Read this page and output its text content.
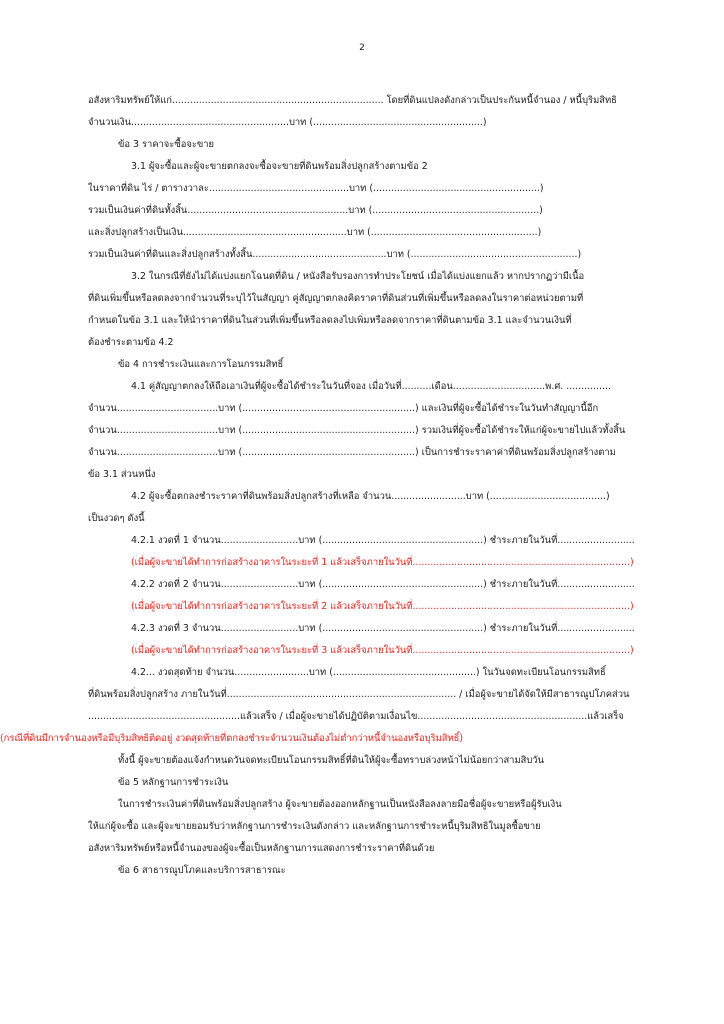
2
อสังหาริมทรัพย์ให้แก่....................................................................... โดยที่ดินแปลงดังกล่าวเป็นประกันหนี้จำนอง / หนี้บุริมสิทธิ
จำนวนเงิน.....................................................บาท (.........................................................)
ข้อ 3 ราคาจะซื้อจะขาย
3.1 ผู้จะซื้อและผู้จะขายตกลงจะซื้อจะขายที่ดินพร้อมสิ่งปลูกสร้างตามข้อ 2
ในราคาที่ดิน ไร่ / ตารางวาละ...............................................บาท (........................................................)
รวมเป็นเงินค่าที่ดินทั้งสิ้น......................................................บาท (........................................................)
และสิ่งปลูกสร้างเป็นเงิน.......................................................บาท (........................................................)
รวมเป็นเงินค่าที่ดินและสิ่งปลูกสร้างทั้งสิ้น.............................................บาท (........................................................)
3.2 ในกรณีที่ยังไม่ได้แบ่งแยกโฉนดที่ดิน / หนังสือรับรองการทำประโยชน์ เมื่อได้แบ่งแยกแล้ว หากปรากฏว่ามีเนื้อ
ที่ดินเพิ่มขึ้นหรือลดลงจากจำนวนที่ระบุไว้ในสัญญา คู่สัญญาตกลงคิดราคาที่ดินส่วนที่เพิ่มขึ้นหรือลดลงในราคาต่อหน่วยตามที่
กำหนดในข้อ 3.1 และให้นำราคาที่ดินในส่วนที่เพิ่มขึ้นหรือลดลงไปเพิ่มหรือลดจากราคาที่ดินตามข้อ 3.1 และจำนวนเงินที่
ต้องชำระตามข้อ 4.2
ข้อ 4 การชำระเงินและการโอนกรรมสิทธิ์
4.1 คู่สัญญาตกลงให้ถือเอาเงินที่ผู้จะซื้อได้ชำระในวันที่จอง เมื่อวันที่..........เดือน...............................พ.ศ. ...............
จำนวน..................................บาท (..........................................................) และเงินที่ผู้จะซื้อได้ชำระในวันทำสัญญานี้อีก
จำนวน..................................บาท (..........................................................) รวมเงินที่ผู้จะซื้อได้ชำระให้แก่ผู้จะขายไปแล้วทั้งสิ้น
จำนวน..................................บาท (..........................................................) เป็นการชำระราคาค่าที่ดินพร้อมสิ่งปลูกสร้างตาม
ข้อ 3.1 ส่วนหนึ่ง
4.2 ผู้จะซื้อตกลงชำระราคาที่ดินพร้อมสิ่งปลูกสร้างที่เหลือ จำนวน.........................บาท (.......................................)
เป็นงวดๆ ดังนี้
4.2.1 งวดที่ 1 จำนวน..........................บาท (......................................................) ชำระภายในวันที่..........................
(เมื่อผู้จะขายได้ทำการก่อสร้างอาคารในระยะที่ 1 แล้วเสร็จภายในวันที่.........................................................................)
4.2.2 งวดที่ 2 จำนวน..........................บาท (......................................................) ชำระภายในวันที่..........................
(เมื่อผู้จะขายได้ทำการก่อสร้างอาคารในระยะที่ 2 แล้วเสร็จภายในวันที่.........................................................................)
4.2.3 งวดที่ 3 จำนวน..........................บาท (......................................................) ชำระภายในวันที่..........................
(เมื่อผู้จะขายได้ทำการก่อสร้างอาคารในระยะที่ 3 แล้วเสร็จภายในวันที่.........................................................................)
4.2... งวดสุดท้าย จำนวน.........................บาท (................................................) ในวันจดทะเบียนโอนกรรมสิทธิ์
ที่ดินพร้อมสิ่งปลูกสร้าง ภายในวันที่............................................................................. / เมื่อผู้จะขายได้จัดให้มีสาธารณูปโภคส่วน
...................................................แล้วเสร็จ / เมื่อผู้จะขายได้ปฏิบัติตามเงื่อนไข.........................................................แล้วเสร็จ
(กรณีที่ดินมีการจำนองหรือมีบุริมสิทธิติดอยู่ งวดสุดท้ายที่ตกลงชำระจำนวนเงินต้องไม่ต่ำกว่าหนี้จำนองหรือบุริมสิทธิ์)
ทั้งนี้ ผู้จะขายต้องแจ้งกำหนดวันจดทะเบียนโอนกรรมสิทธิ์ที่ดินให้ผู้จะซื้อทราบล่วงหน้าไม่น้อยกว่าสามสิบวัน
ข้อ 5 หลักฐานการชำระเงิน
ในการชำระเงินค่าที่ดินพร้อมสิ่งปลูกสร้าง ผู้จะขายต้องออกหลักฐานเป็นหนังสือลงลายมือชื่อผู้จะขายหรือผู้รับเงิน
ให้แก่ผู้จะซื้อ และผู้จะขายยอมรับว่าหลักฐานการชำระเงินดังกล่าว และหลักฐานการชำระหนี้บุริมสิทธิในมูลซื้อขาย
อสังหาริมทรัพย์หรือหนี้จำนองของผู้จะซื้อเป็นหลักฐานการแสดงการชำระราคาที่ดินด้วย
ข้อ 6 สาธารณูปโภคและบริการสาธารณะ
